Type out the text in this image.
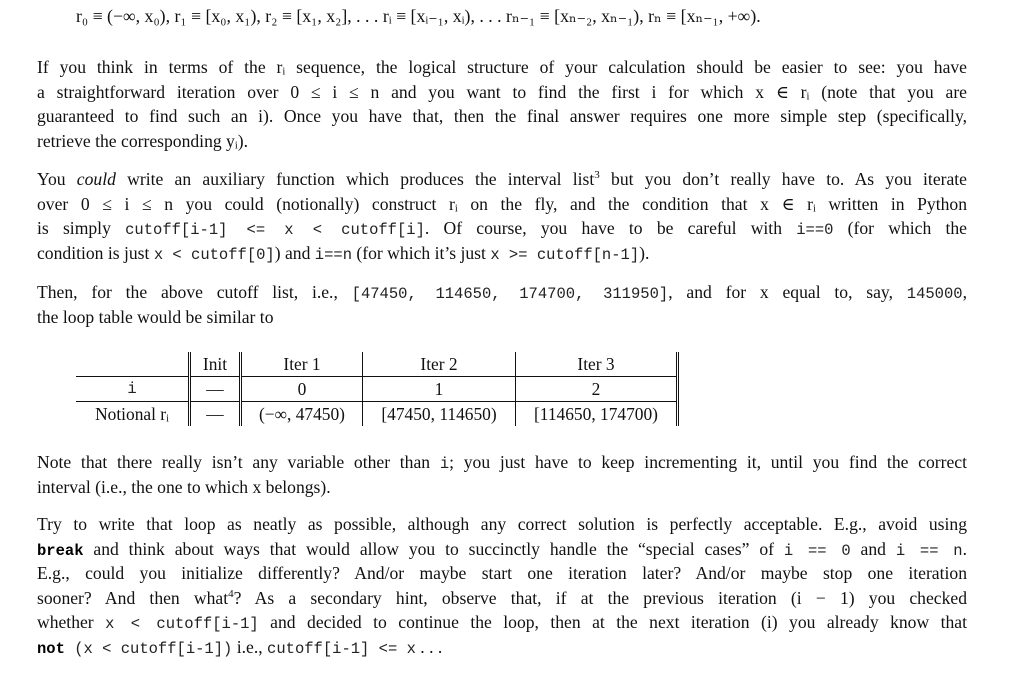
r₀ ≡ (−∞, x₀), r₁ ≡ [x₀, x₁), r₂ ≡ [x₁, x₂], . . . rᵢ ≡ [xᵢ₋₁, xᵢ), . . . rₙ₋₁ ≡ [xₙ₋₂, xₙ₋₁), rₙ ≡ [xₙ₋₁, +∞).
If you think in terms of the rᵢ sequence, the logical structure of your calculation should be easier to see: you have
a straightforward iteration over 0 ≤ i ≤ n and you want to find the first i for which x ∈ rᵢ (note that you are
guaranteed to find such an i). Once you have that, then the final answer requires one more simple step (specifically,
retrieve the corresponding yᵢ).
You could write an auxiliary function which produces the interval list$^3$ but you don’t really have to. As you iterate
over 0 ≤ i ≤ n you could (notionally) construct rᵢ on the fly, and the condition that x ∈ rᵢ written in Python
is simply cutoff[i-1] <= x < cutoff[i]. Of course, you have to be careful with i==0 (for which the
condition is just x < cutoff[0]) and i==n (for which it’s just x >= cutoff[n-1]).
Then, for the above cutoff list, i.e., [47450, 114650, 174700, 311950], and for x equal to, say, 145000,
the loop table would be similar to
	Init	Iter 1	Iter 2	Iter 3
i	—	0	1	2
Notional rᵢ	—	(−∞, 47450)	[47450, 114650)	[114650, 174700)
Note that there really isn’t any variable other than i; you just have to keep incrementing it, until you find the correct
interval (i.e., the one to which x belongs).
Try to write that loop as neatly as possible, although any correct solution is perfectly acceptable. E.g., avoid using
break and think about ways that would allow you to succinctly handle the “special cases” of i == 0 and i == n.
E.g., could you initialize differently? And/or maybe start one iteration later? And/or maybe stop one iteration
sooner? And then what$^4$? As a secondary hint, observe that, if at the previous iteration (i − 1) you checked
whether x < cutoff[i-1] and decided to continue the loop, then at the next iteration (i) you already know that
not (x < cutoff[i-1]) i.e., cutoff[i-1] <= x . . .
